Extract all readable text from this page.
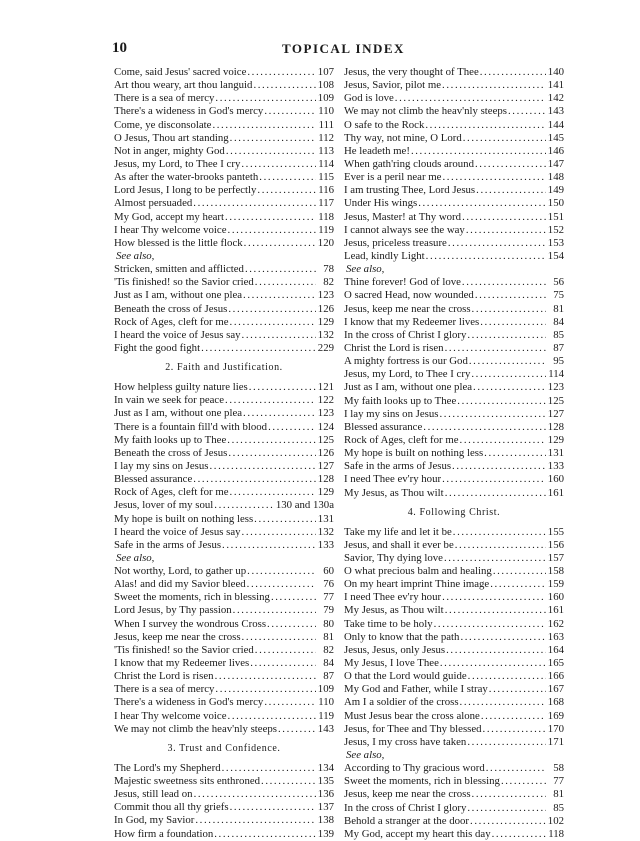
10	TOPICAL INDEX
Come, said Jesus' sacred voice .....	107
Art thou weary, art thou languid .....	108
There is a sea of mercy .....	109
There's a wideness in God's mercy .....	110
Come, ye disconsolate .....	111
O Jesus, Thou art standing .....	112
Not in anger, mighty God .....	113
Jesus, my Lord, to Thee I cry .....	114
As after the water-brooks panteth .....	115
Lord Jesus, I long to be perfectly .....	116
Almost persuaded .....	117
My God, accept my heart .....	118
I hear Thy welcome voice .....	119
How blessed is the little flock .....	120
See also,
Stricken, smitten and afflicted .....	78
'Tis finished! so the Savior cried .....	82
Just as I am, without one plea .....	123
Beneath the cross of Jesus .....	126
Rock of Ages, cleft for me .....	129
I heard the voice of Jesus say .....	132
Fight the good fight .....	229
2. Faith and Justification.
How helpless guilty nature lies .....	121
In vain we seek for peace .....	122
Just as I am, without one plea .....	123
There is a fountain fill'd with blood .....	124
My faith looks up to Thee .....	125
Beneath the cross of Jesus .....	126
I lay my sins on Jesus .....	127
Blessed assurance .....	128
Rock of Ages, cleft for me .....	129
Jesus, lover of my soul .....	130 and 130a
My hope is built on nothing less .....	131
I heard the voice of Jesus say .....	132
Safe in the arms of Jesus .....	133
See also,
Not worthy, Lord, to gather up .....	60
Alas! and did my Savior bleed .....	76
Sweet the moments, rich in blessing .....	77
Lord Jesus, by Thy passion .....	79
When I survey the wondrous Cross .....	80
Jesus, keep me near the cross .....	81
'Tis finished! so the Savior cried .....	82
I know that my Redeemer lives .....	84
Christ the Lord is risen .....	87
There is a sea of mercy .....	109
There's a wideness in God's mercy .....	110
I hear Thy welcome voice .....	119
We may not climb the heav'nly steeps .....	143
3. Trust and Confidence.
The Lord's my Shepherd .....	134
Majestic sweetness sits enthroned .....	135
Jesus, still lead on .....	136
Commit thou all thy griefs .....	137
In God, my Savior .....	138
How firm a foundation .....	139
Jesus, the very thought of Thee .....	140
Jesus, Savior, pilot me .....	141
God is love .....	142
We may not climb the heav'nly steeps .....	143
O safe to the Rock .....	144
Thy way, not mine, O Lord .....	145
He leadeth me! .....	146
When gath'ring clouds around .....	147
Ever is a peril near me .....	148
I am trusting Thee, Lord Jesus .....	149
Under His wings .....	150
Jesus, Master! at Thy word .....	151
I cannot always see the way .....	152
Jesus, priceless treasure .....	153
Lead, kindly Light .....	154
See also,
Thine forever! God of love .....	56
O sacred Head, now wounded .....	75
Jesus, keep me near the cross .....	81
I know that my Redeemer lives .....	84
In the cross of Christ I glory .....	85
Christ the Lord is risen .....	87
A mighty fortress is our God .....	95
Jesus, my Lord, to Thee I cry .....	114
Just as I am, without one plea .....	123
My faith looks up to Thee .....	125
I lay my sins on Jesus .....	127
Blessed assurance .....	128
Rock of Ages, cleft for me .....	129
My hope is built on nothing less .....	131
Safe in the arms of Jesus .....	133
I need Thee ev'ry hour .....	160
My Jesus, as Thou wilt .....	161
4. Following Christ.
Take my life and let it be .....	155
Jesus, and shall it ever be .....	156
Savior, Thy dying love .....	157
O what precious balm and healing .....	158
On my heart imprint Thine image .....	159
I need Thee ev'ry hour .....	160
My Jesus, as Thou wilt .....	161
Take time to be holy .....	162
Only to know that the path .....	163
Jesus, Jesus, only Jesus .....	164
My Jesus, I love Thee .....	165
O that the Lord would guide .....	166
My God and Father, while I stray .....	167
Am I a soldier of the cross .....	168
Must Jesus bear the cross alone .....	169
Jesus, for Thee and Thy blessed .....	170
Jesus, I my cross have taken .....	171
See also,
According to Thy gracious word .....	58
Sweet the moments, rich in blessing .....	77
Jesus, keep me near the cross .....	81
In the cross of Christ I glory .....	85
Behold a stranger at the door .....	102
My God, accept my heart this day .....	118
